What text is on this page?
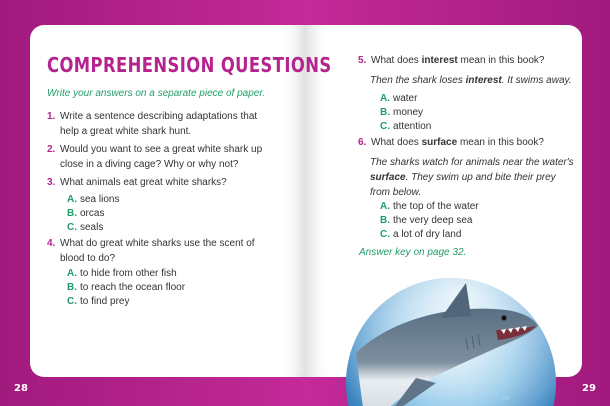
COMPREHENSION QUESTIONS
Write your answers on a separate piece of paper.
1. Write a sentence describing adaptations that
help a great white shark hunt.
2. Would you want to see a great white shark up
close in a diving cage? Why or why not?
3. What animals eat great white sharks?
A. sea lions
B. orcas
C. seals
4. What do great white sharks use the scent of
blood to do?
A. to hide from other fish
B. to reach the ocean floor
C. to find prey
5. What does interest mean in this book?
Then the shark loses interest. It swims away.
A. water
B. money
C. attention
6. What does surface mean in this book?
The sharks watch for animals near the water's
surface. They swim up and bite their prey
from below.
A. the top of the water
B. the very deep sea
C. a lot of dry land
Answer key on page 32.
28	29
